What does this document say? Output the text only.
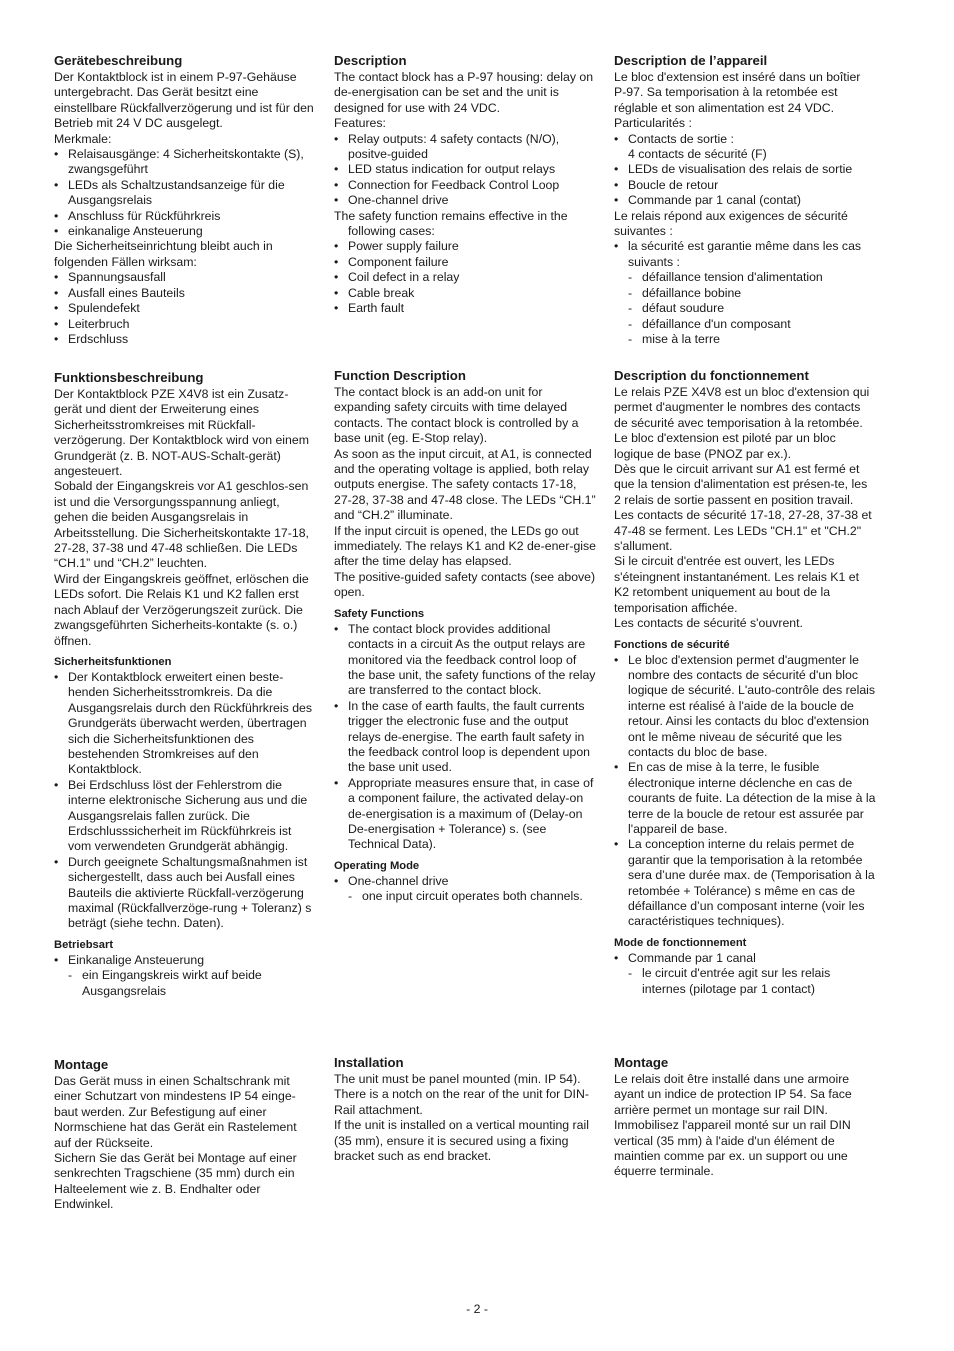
Gerätebeschreibung

Der Kontaktblock ist in einem P-97-Gehäuse untergebracht. Das Gerät besitzt eine einstellbare Rückfallverzögerung und ist für den Betrieb mit 24 V DC ausgelegt.

Merkmale:

• Relaisausgänge: 4 Sicherheitskontakte (S), zwangsgeführt
• LEDs als Schaltzustandsanzeige für die Ausgangsrelais
• Anschluss für Rückführkreis
• einkanalige Ansteuerung

Die Sicherheitseinrichtung bleibt auch in folgenden Fällen wirksam:

• Spannungsausfall
• Ausfall eines Bauteils
• Spulendefekt
• Leiterbruch
• Erdschluss
Funktionsbeschreibung

Der Kontaktblock PZE X4V8 ist ein Zusatz-gerät und dient der Erweiterung eines Sicherheitsstromkreises mit Rückfall-verzögerung. Der Kontaktblock wird von einem Grundgerät (z. B. NOT-AUS-Schalt-gerät) angesteuert.

Sobald der Eingangskreis vor A1 geschlos-sen ist und die Versorgungsspannung anliegt, gehen die beiden Ausgangsrelais in Arbeitsstellung. Die Sicherheitskontakte 17-18, 27-28, 37-38 und 47-48 schließen. Die LEDs “CH.1” und “CH.2” leuchten.

Wird der Eingangskreis geöffnet, erlöschen die LEDs sofort. Die Relais K1 und K2 fallen erst nach Ablauf der Verzögerungszeit zurück. Die zwangsgeführten Sicherheits-kontakte (s. o.) öffnen.

Sicherheitsfunktionen
• Der Kontaktblock erweitert einen beste-henden Sicherheitsstromkreis. Da die Ausgangsrelais durch den Rückführkreis des Grundgeräts überwacht werden, übertragen sich die Sicherheitsfunktionen des bestehenden Stromkreises auf den Kontaktblock.
• Bei Erdschluss löst der Fehlerstrom die interne elektronische Sicherung aus und die Ausgangsrelais fallen zurück. Die Erdschlusssicherheit im Rückführkreis ist vom verwendeten Grundgerät abhängig.
• Durch geeignete Schaltungsmaßnahmen ist sichergestellt, dass auch bei Ausfall eines Bauteils die aktivierte Rückfall-verzögerung maximal (Rückfallverzöge-rung + Toleranz) s beträgt (siehe techn. Daten).
Betriebsart
• Einkanalige Ansteuerung
- ein Eingangskreis wirkt auf beide Ausgangsrelais
Montage

Das Gerät muss in einen Schaltschrank mit einer Schutzart von mindestens IP 54 einge-baut werden. Zur Befestigung auf einer Normschiene hat das Gerät ein Rastelement auf der Rückseite.

Sichern Sie das Gerät bei Montage auf einer senkrechten Tragschiene (35 mm) durch ein Halteelement wie z. B. Endhalter oder Endwinkel.

Description

The contact block has a P-97 housing: delay on de-energisation can be set and the unit is designed for use with 24 VDC.

Features:

• Relay outputs: 4 safety contacts (N/O), positve-guided
• LED status indication for output relays
• Connection for Feedback Control Loop
• One-channel drive

The safety function remains effective in the following cases:

• Power supply failure
• Component failure
• Coil defect in a relay
• Cable break
• Earth fault
Function Description

The contact block is an add-on unit for expanding safety circuits with time delayed contacts. The contact block is controlled by a base unit (eg. E-Stop relay).

As soon as the input circuit, at A1, is connected and the operating voltage is applied, both relay outputs energise. The safety contacts 17-18, 27-28, 37-38 and 47-48 close. The LEDs “CH.1” and “CH.2” illuminate.

If the input circuit is opened, the LEDs go out immediately. The relays K1 and K2 de-ener-gise after the time delay has elapsed.

The positive-guided safety contacts (see above) open.

Safety Functions
• The contact block provides additional contacts in a circuit As the output relays are monitored via the feedback control loop of the base unit, the safety functions of the relay are transferred to the contact block.
• In the case of earth faults, the fault currents trigger the electronic fuse and the output relays de-energise. The earth fault safety in the feedback control loop is dependent upon the base unit used.
• Appropriate measures ensure that, in case of a component failure, the activated delay-on de-energisation is a maximum of (Delay-on De-energisation + Tolerance) s. (see Technical Data).
Operating Mode
• One-channel drive
- one input circuit operates both channels.
Installation

The unit must be panel mounted (min. IP 54). There is a notch on the rear of the unit for DIN-Rail attachment.

If the unit is installed on a vertical mounting rail (35 mm), ensure it is secured using a fixing bracket such as end bracket.

Description de l’appareil

Le bloc d'extension est inséré dans un boîtier P-97. Sa temporisation à la retombée est réglable et son alimentation est 24 VDC.

Particularités :

• Contacts de sortie :
4 contacts de sécurité (F)
• LEDs de visualisation des relais de sortie
• Boucle de retour
• Commande par 1 canal (contat)

Le relais répond aux exigences de sécurité suivantes :

• la sécurité est garantie même dans les cas suivants :
- défaillance tension d'alimentation
- défaillance bobine
- défaut soudure
- défaillance d'un composant
- mise à la terre
Description du fonctionnement

Le relais PZE X4V8 est un bloc d'extension qui permet d'augmenter le nombres des contacts de sécurité avec temporisation à la retombée. Le bloc d'extension est piloté par un bloc logique de base (PNOZ par ex.).

Dès que le circuit arrivant sur A1 est fermé et que la tension d'alimentation est présen-te, les 2 relais de sortie passent en position travail. Les contacts de sécurité 17-18, 27-28, 37-38 et 47-48 se ferment. Les LEDs "CH.1" et "CH.2" s'allument.

Si le circuit d'entrée est ouvert, les LEDs s'éteingnent instantanément. Les relais K1 et K2 retombent uniquement au bout de la temporisation affichée.

Les contacts de sécurité s'ouvrent.

Fonctions de sécurité
• Le bloc d'extension permet d'augmenter le nombre des contacts de sécurité d'un bloc logique de sécurité. L'auto-contrôle des relais interne est réalisé à l'aide de la boucle de retour. Ainsi les contacts du bloc d'extension ont le même niveau de sécurité que les contacts du bloc de base.
• En cas de mise à la terre, le fusible électronique interne déclenche en cas de courants de fuite. La détection de la mise à la terre de la boucle de retour est assurée par l'appareil de base.
• La conception interne du relais permet de garantir que la temporisation à la retombée sera d’une durée max. de (Temporisation à la retombée + Tolérance) s même en cas de défaillance d’un composant interne (voir les caractéristiques techniques).
Mode de fonctionnement
• Commande par 1 canal
- le circuit d'entrée agit sur les relais internes (pilotage par 1 contact)
Montage

Le relais doit être installé dans une armoire ayant un indice de protection IP 54. Sa face arrière permet un montage sur rail DIN. Immobilisez l'appareil monté sur un rail DIN vertical (35 mm) à l'aide d'un élément de maintien comme par ex. un support ou une équerre terminale.

- 2 -
